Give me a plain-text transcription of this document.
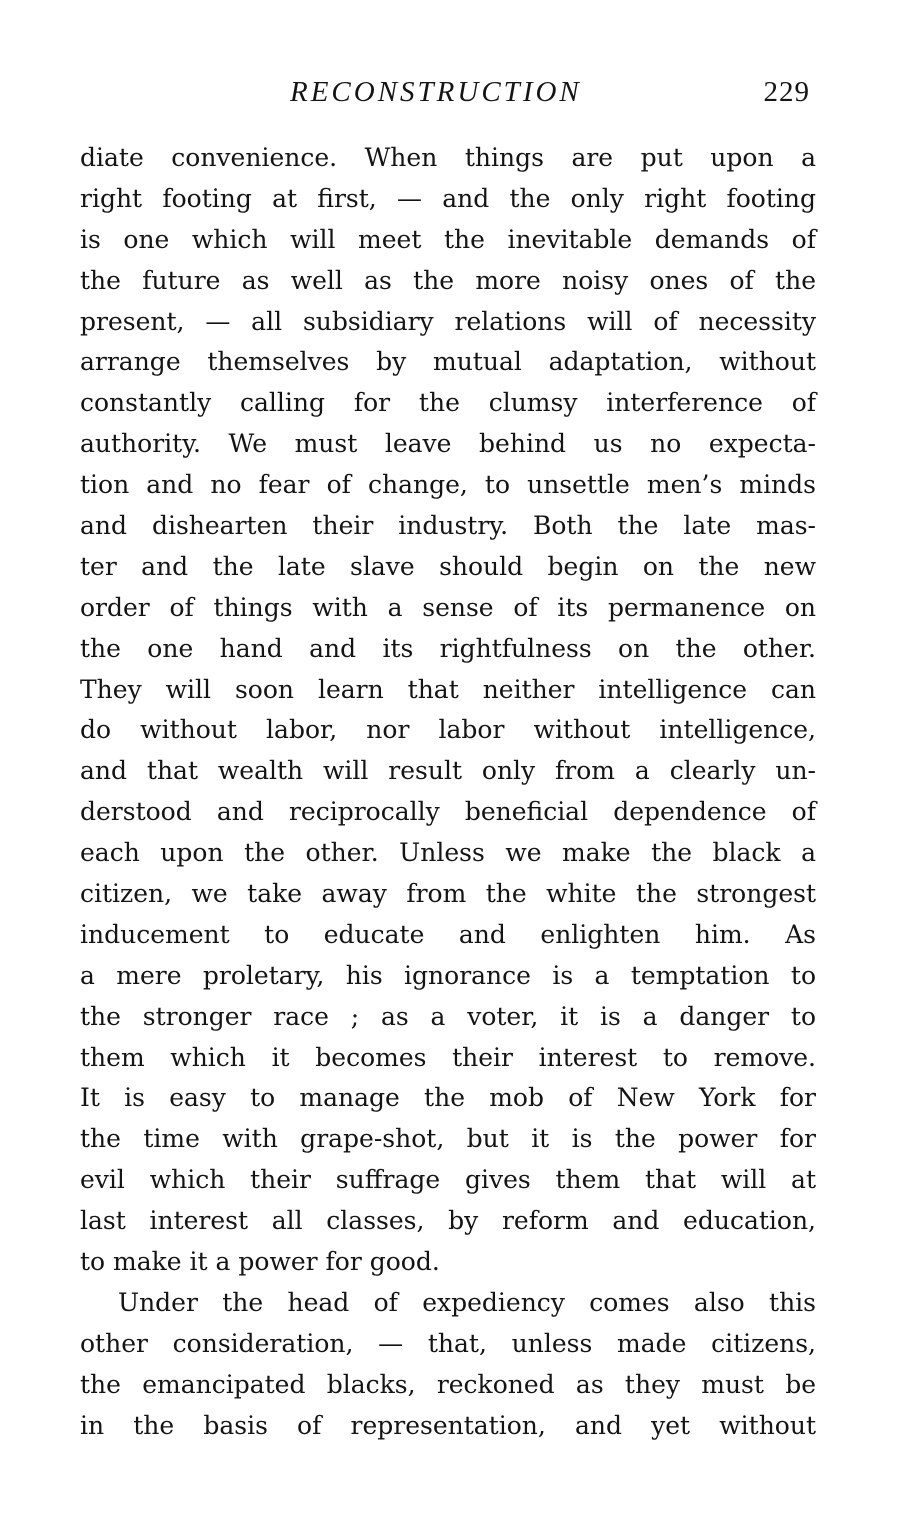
RECONSTRUCTION	229
diate convenience. When things are put upon a
right footing at first, — and the only right footing
is one which will meet the inevitable demands of
the future as well as the more noisy ones of the
present, — all subsidiary relations will of necessity
arrange themselves by mutual adaptation, without
constantly calling for the clumsy interference of
authority. We must leave behind us no expecta-
tion and no fear of change, to unsettle men’s minds
and dishearten their industry. Both the late mas-
ter and the late slave should begin on the new
order of things with a sense of its permanence on
the one hand and its rightfulness on the other.
They will soon learn that neither intelligence can
do without labor, nor labor without intelligence,
and that wealth will result only from a clearly un-
derstood and reciprocally beneficial dependence of
each upon the other. Unless we make the black a
citizen, we take away from the white the strongest
inducement to educate and enlighten him. As
a mere proletary, his ignorance is a temptation to
the stronger race ; as a voter, it is a danger to
them which it becomes their interest to remove.
It is easy to manage the mob of New York for
the time with grape-shot, but it is the power for
evil which their suffrage gives them that will at
last interest all classes, by reform and education,
to make it a power for good.
Under the head of expediency comes also this
other consideration, — that, unless made citizens,
the emancipated blacks, reckoned as they must be
in the basis of representation, and yet without
